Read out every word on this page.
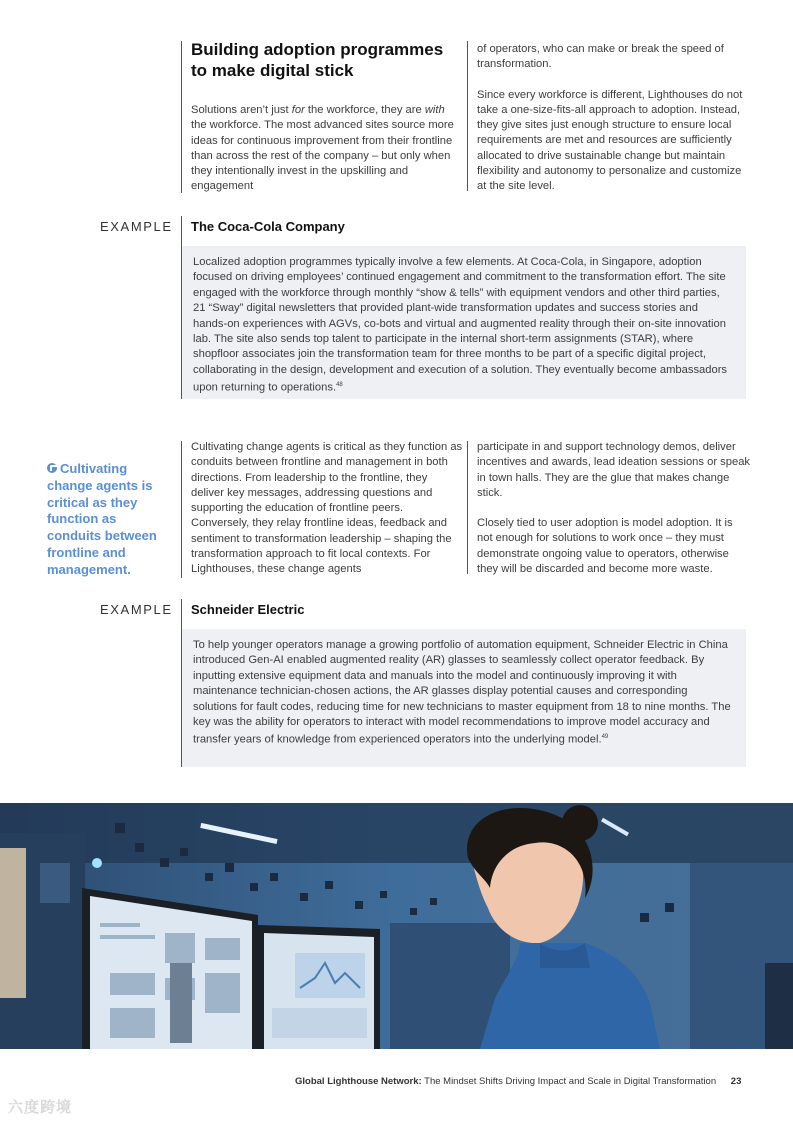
Building adoption programmes to make digital stick

Solutions aren’t just for the workforce, they are with the workforce. The most advanced sites source more ideas for continuous improvement from their frontline than across the rest of the company – but only when they intentionally invest in the upskilling and engagement

of operators, who can make or break the speed of transformation.

Since every workforce is different, Lighthouses do not take a one-size-fits-all approach to adoption. Instead, they give sites just enough structure to ensure local requirements are met and resources are sufficiently allocated to drive sustainable change but maintain flexibility and autonomy to personalize and customize at the site level.

EXAMPLE The Coca-Cola Company

Localized adoption programmes typically involve a few elements. At Coca-Cola, in Singapore, adoption focused on driving employees’ continued engagement and commitment to the transformation effort. The site engaged with the workforce through monthly “show & tells” with equipment vendors and other third parties, 21 “Sway” digital newsletters that provided plant-wide transformation updates and success stories and hands-on experiences with AGVs, co-bots and virtual and augmented reality through their on-site innovation lab. The site also sends top talent to participate in the internal short-term assignments (STAR), where shopfloor associates join the transformation team for three months to be part of a specific digital project, collaborating in the design, development and execution of a solution. They eventually become ambassadors upon returning to operations.$^{48}$

Cultivating change agents is critical as they function as conduits between frontline and management.

Cultivating change agents is critical as they function as conduits between frontline and management in both directions. From leadership to the frontline, they deliver key messages, addressing questions and supporting the education of frontline peers. Conversely, they relay frontline ideas, feedback and sentiment to transformation leadership – shaping the transformation approach to fit local contexts. For Lighthouses, these change agents

participate in and support technology demos, deliver incentives and awards, lead ideation sessions or speak in town halls. They are the glue that makes change stick.

Closely tied to user adoption is model adoption. It is not enough for solutions to work once – they must demonstrate ongoing value to operators, otherwise they will be discarded and become more waste.

EXAMPLE Schneider Electric

To help younger operators manage a growing portfolio of automation equipment, Schneider Electric in China introduced Gen-AI enabled augmented reality (AR) glasses to seamlessly collect operator feedback. By inputting extensive equipment data and manuals into the model and continuously improving it with maintenance technician-chosen actions, the AR glasses display potential causes and corresponding solutions for fault codes, reducing time for new technicians to master equipment from 18 to nine months. The key was the ability for operators to interact with model recommendations to improve model accuracy and transfer years of knowledge from experienced operators into the underlying model.$^{49}$

Global Lighthouse Network: The Mindset Shifts Driving Impact and Scale in Digital Transformation 23
六度跨境
